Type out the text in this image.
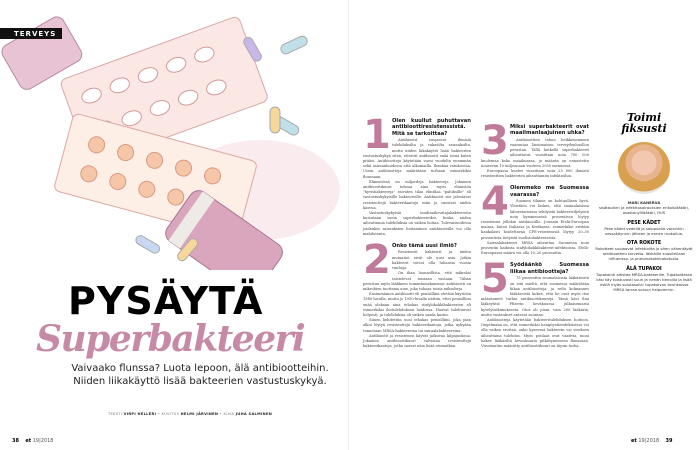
TERVEYS
PYSÄYTÄ
Superbakteeri
Vaivaako flunssa? Luota lepoon, älä antibiootteihin. Niiden liikakäyttö lisää bakteerien vastustuskykyä.
TEKSTI VIRPI HELLERI • KUVITUS HELMI JÄRVINEN • KUVA JUHA SALMINEN
38 et 19|2018
1 Olen kuullut puhuttavan antibioottiresistenssistä. Mitä se tarkoittaa?

Antibiootit suojaavat ihmisiä tulehduksilta ja vakavilta sairauksilta, mutta niiden liikakäyttö lisää bakteerien vastustuskykyä siten, etteivät antibiootit enää toimi kuten pitäisi. Antibiootteja käytetään vuosi vuodelta enemmän sekä sairaanhoidossa että ulkomailla. Ihankaa vatukoessa. Usein antibiootteja määrätään turhaan esimerkiksi flunssaan.

Elimistössä on miljardeja bakteereja. Jokainen antibioottikuuri tuhoaa aina myös elimistön "hyvisbakteereja" raivaten tilaa elintilaa "pahiksille" eli vastustuskykyisille bakteereille. Antibiootit siis jalostavat resistenttejä bakteerikantoja esiin ja suosivat niiden kasvua.

Vastustuskykyisiä taudinaiheuttajabakteereita kutsutaan usein superbakteereiksi, koska niiden aiheuttamia tulehduksia on vaikea hoitaa. Tulevaisuudessa joidenkin sairauksien hoitaminen antibiooteilla voi olla mahdotonta.

2 Onko tämä uusi ilmiö?

Resistentit bakteerit ja niiden mutaatiot eivät ole uusi asia. Jotkin bakteerit voivat olla luhansia vuosia vanhoja.

On ihan luonnollista, että mikrobit taistelevat toisiaan vastaan. Tähän perustuu myös lääkkeen toimintamekanismi: antibiootti on mikrobien tuottama aine, joka tuhoaa toisia mikrobeja.

Ensimmäinen antibiootti eli penisilliini otettiin käyttöön 1940-luvulla, mutta jo 1950-luvalla nättiin, ettei penisilliini enää olekaan aina tehokas stafylokokkibakteerien eli esimerkiksi ihotulehduksen hoidossa. Haavat tulehtuivat helposti, ja tulehduksia oli vaikea saada kuriin.

Siinen kehitettiin uusi tehokas penisilliini, joka pian alkoi löytyä resistenttejä bakteerikantoja, jotka nykyään tunnetaan MRSA-bakteereina tai sairaalabakteereina.

Antibiootit ja resistenssi käyvät jatkuvaa kilpajuoksua. Jokainen antibioottikuuri valvistaa resistenttejä bakteerikantoja, jotka saavat näin lisää etumatkaa.

3 Miksi superbakteerit ovat maailmanlaajuinen uhka?

Antibioottien tehon heikkeneminen vaarantaa länsimaisen terveydenhuollon perustan. Tällä hetkellä superbakteerit aiheuttavat vuosittain noin 700 000 kuolemaa koko maailmassa, ja määrän on ennustettu nousevan 10 miljoonaan vuoteen 2050 mennessä.

Euroopassa kuolee vuosittain noin 25 000 ihmistä resistenttien bakteerien aiheuttamiin infektioihin.

4 Olemmeko me Suomessa vaarassa?

Suomen tilanne on kohtuullisen hyvä. Yleistäen voi laskea, että suomalaisissa laboratorioissa tehdyistä bakteeriviljelyistä noin kymmenessä prosentissa löytyy resistenssi jollekin antibiootille. Joissain Etelä-Euroopan maissa, kuten Italiassa ja Kreikassa, esimerkiksi erittäin hankalasti hoidettavaa CPE-resistenssiä löytyy 20–30 prosentista tietyistä suolistobakteereista.

Sairaalabakteeri MRSA aiheuttaa Suomessa noin prosentin kaikista stafylokokkibakteeri-infektioista. Etelä-Euroopassa määrä voi olla 10–20 prosenttia.

5 Syödäänkö Suomessa liikaa antibiootteja?

75 prosenttia suomalaisista lääkäreistä on sitä mieltä, että suomessa määrätään liikaa antibiootteja, ja reilu kolmannes lääkäreistä kokee, että he ovat myös itse määränneet turhia antibioottikuureja. Tämä kävi ilmi lääkeyhtiö Pfizerin keväkuussa julkaisemasta kyselytutkimuksesta. Otos oli pieni, vain 200 lääkäriä, mutta vastaukset antavat suuntaa.

Antibiootteja käytetään bakteeritulehduksen hoitoon. Ongelmana on, että esimerkiksi hengitystieinfektioissa voi olla vaikea erottaa, onko kyseessä bakteerin vai viruksen aiheuttama tulehdus. Myös potilaat ovat vaativia, moni hakee lääkäriltä hevoskuuria pitkittyneeseen flunssaan. Virustautiin määrätty antibioottikuuri on täysin turha.

Toimi
fiksusti
MARI KANERVA
sisätautien ja infektiosairauksien erikoislääkäri, osastonylilääkäri, HUS
PESE KÄDET
Pese kädet vedellä ja saippualla varsinkin vessakäynnin jälkeen ja ennen ruokailua.
OTA ROKOTE
Rokotteet suojaavat infektioilta ja siten vähentävät antibioottien tarvetta. Iäkkäille suositellaan influenssa- ja pneumokokkirokotusta.
ÄLÄ TUPAKOI
Tupakointi altistaa MRSA-bakteerille. Tupakoidessa käsi käy toistuvasti suun ja nenän tienoilla ja lisää riskiä myös solutasolla: tupakoivan keuhkoissa MRSA tarraa soluun helpommin.
et 19|2018 39
